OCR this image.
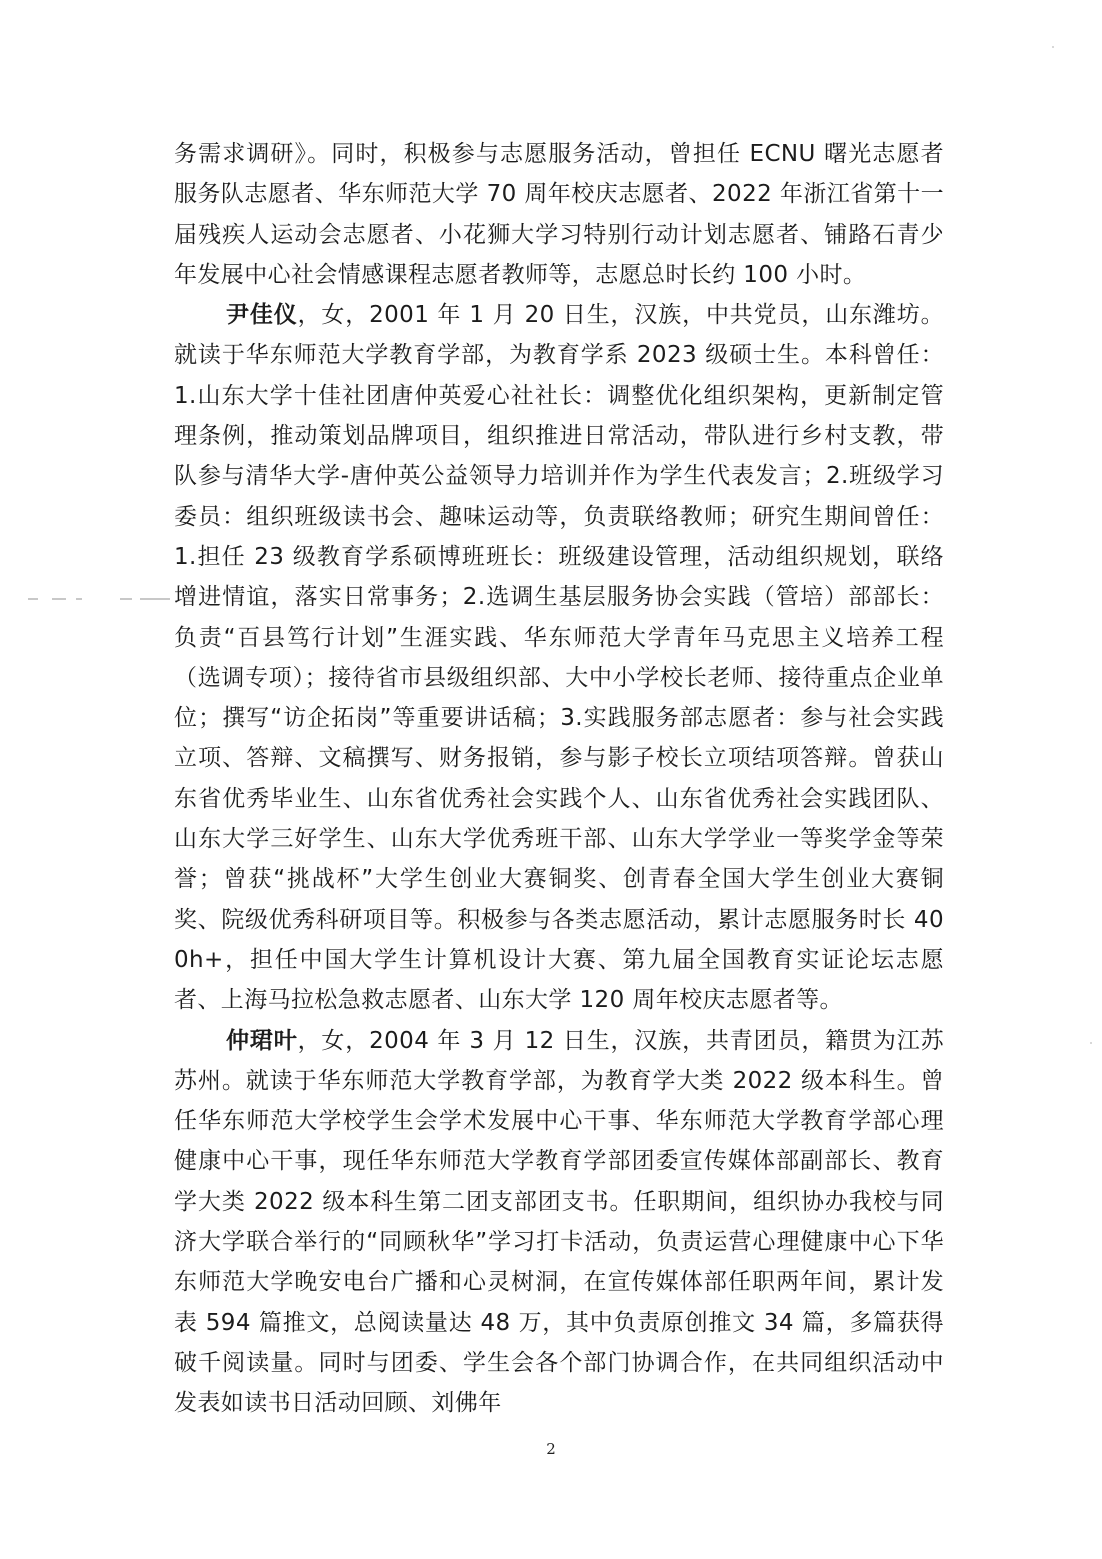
务需求调研》。同时，积极参与志愿服务活动，曾担任 ECNU 曙光志愿者服务队志愿者、华东师范大学 70 周年校庆志愿者、2022 年浙江省第十一届残疾人运动会志愿者、小花狮大学习特别行动计划志愿者、铺路石青少年发展中心社会情感课程志愿者教师等，志愿总时长约 100 小时。

尹佳仪，女，2001 年 1 月 20 日生，汉族，中共党员，山东潍坊。就读于华东师范大学教育学部，为教育学系 2023 级硕士生。本科曾任：1.山东大学十佳社团唐仲英爱心社社长：调整优化组织架构，更新制定管理条例，推动策划品牌项目，组织推进日常活动，带队进行乡村支教，带队参与清华大学-唐仲英公益领导力培训并作为学生代表发言；2.班级学习委员：组织班级读书会、趣味运动等，负责联络教师；研究生期间曾任：1.担任 23 级教育学系硕博班班长：班级建设管理，活动组织规划，联络增进情谊，落实日常事务；2.选调生基层服务协会实践（管培）部部长：负责“百县笃行计划”生涯实践、华东师范大学青年马克思主义培养工程（选调专项）；接待省市县级组织部、大中小学校长老师、接待重点企业单位；撰写“访企拓岗”等重要讲话稿；3.实践服务部志愿者：参与社会实践立项、答辩、文稿撰写、财务报销，参与影子校长立项结项答辩。曾获山东省优秀毕业生、山东省优秀社会实践个人、山东省优秀社会实践团队、山东大学三好学生、山东大学优秀班干部、山东大学学业一等奖学金等荣誉；曾获“挑战杯”大学生创业大赛铜奖、创青春全国大学生创业大赛铜奖、院级优秀科研项目等。积极参与各类志愿活动，累计志愿服务时长 400h+，担任中国大学生计算机设计大赛、第九届全国教育实证论坛志愿者、上海马拉松急救志愿者、山东大学 120 周年校庆志愿者等。

仲珺叶，女，2004 年 3 月 12 日生，汉族，共青团员，籍贯为江苏苏州。就读于华东师范大学教育学部，为教育学大类 2022 级本科生。曾任华东师范大学校学生会学术发展中心干事、华东师范大学教育学部心理健康中心干事，现任华东师范大学教育学部团委宣传媒体部副部长、教育学大类 2022 级本科生第二团支部团支书。任职期间，组织协办我校与同济大学联合举行的“同顾秋华”学习打卡活动，负责运营心理健康中心下华东师范大学晚安电台广播和心灵树洞，在宣传媒体部任职两年间，累计发表 594 篇推文，总阅读量达 48 万，其中负责原创推文 34 篇，多篇获得破千阅读量。同时与团委、学生会各个部门协调合作，在共同组织活动中发表如读书日活动回顾、刘佛年

2
